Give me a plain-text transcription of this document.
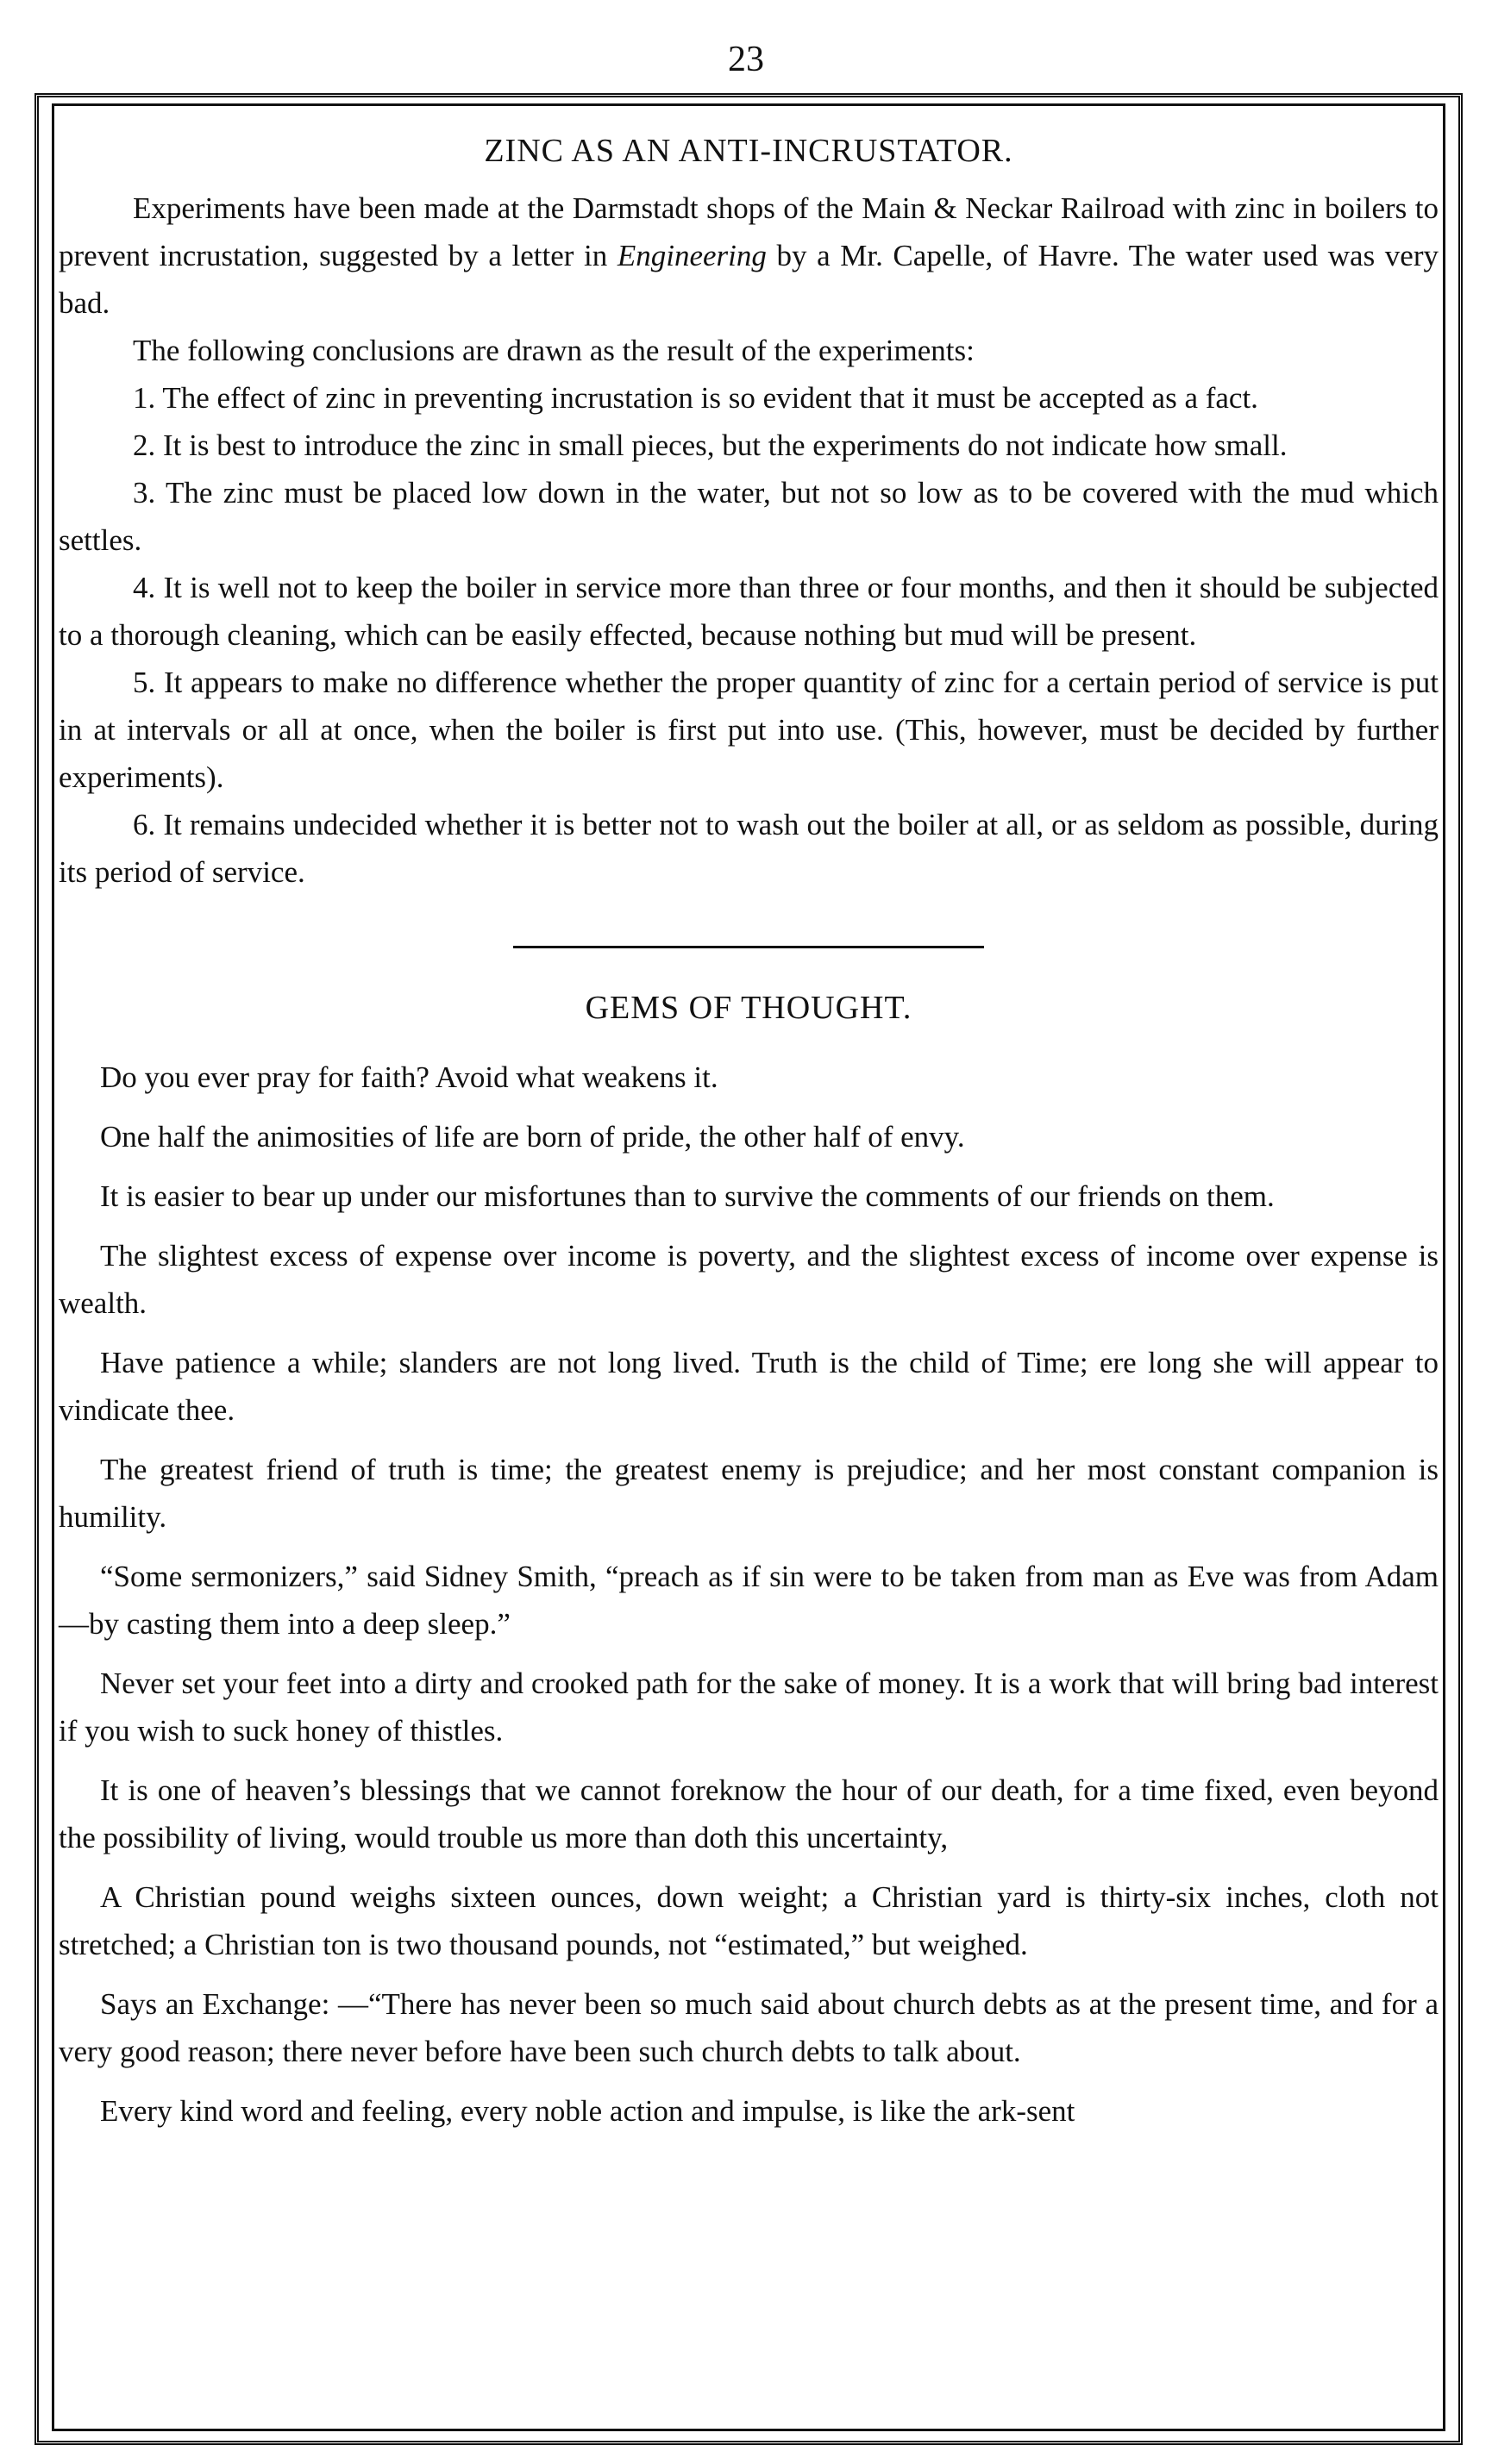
23
ZINC AS AN ANTI-INCRUSTATOR.

Experiments have been made at the Darmstadt shops of the Main & Neckar Railroad with zinc in boilers to prevent incrustation, suggested by a letter in Engineering by a Mr. Capelle, of Havre. The water used was very bad.

The following conclusions are drawn as the result of the experiments:

1. The effect of zinc in preventing incrustation is so evident that it must be accepted as a fact.

2. It is best to introduce the zinc in small pieces, but the experiments do not indicate how small.

3. The zinc must be placed low down in the water, but not so low as to be covered with the mud which settles.

4. It is well not to keep the boiler in service more than three or four months, and then it should be subjected to a thorough cleaning, which can be easily effected, because nothing but mud will be present.

5. It appears to make no difference whether the proper quantity of zinc for a certain period of service is put in at intervals or all at once, when the boiler is first put into use. (This, however, must be decided by further experiments).

6. It remains undecided whether it is better not to wash out the boiler at all, or as seldom as possible, during its period of service.

GEMS OF THOUGHT.

Do you ever pray for faith? Avoid what weakens it.

One half the animosities of life are born of pride, the other half of envy.

It is easier to bear up under our misfortunes than to survive the comments of our friends on them.

The slightest excess of expense over income is poverty, and the slightest excess of income over expense is wealth.

Have patience a while; slanders are not long lived. Truth is the child of Time; ere long she will appear to vindicate thee.

The greatest friend of truth is time; the greatest enemy is prejudice; and her most constant companion is humility.

“Some sermonizers,” said Sidney Smith, “preach as if sin were to be taken from man as Eve was from Adam—by casting them into a deep sleep.”

Never set your feet into a dirty and crooked path for the sake of money. It is a work that will bring bad interest if you wish to suck honey of thistles.

It is one of heaven’s blessings that we cannot foreknow the hour of our death, for a time fixed, even beyond the possibility of living, would trouble us more than doth this uncertainty,

A Christian pound weighs sixteen ounces, down weight; a Christian yard is thirty-six inches, cloth not stretched; a Christian ton is two thousand pounds, not “estimated,” but weighed.

Says an Exchange: —“There has never been so much said about church debts as at the present time, and for a very good reason; there never before have been such church debts to talk about.

Every kind word and feeling, every noble action and impulse, is like the ark-sent
